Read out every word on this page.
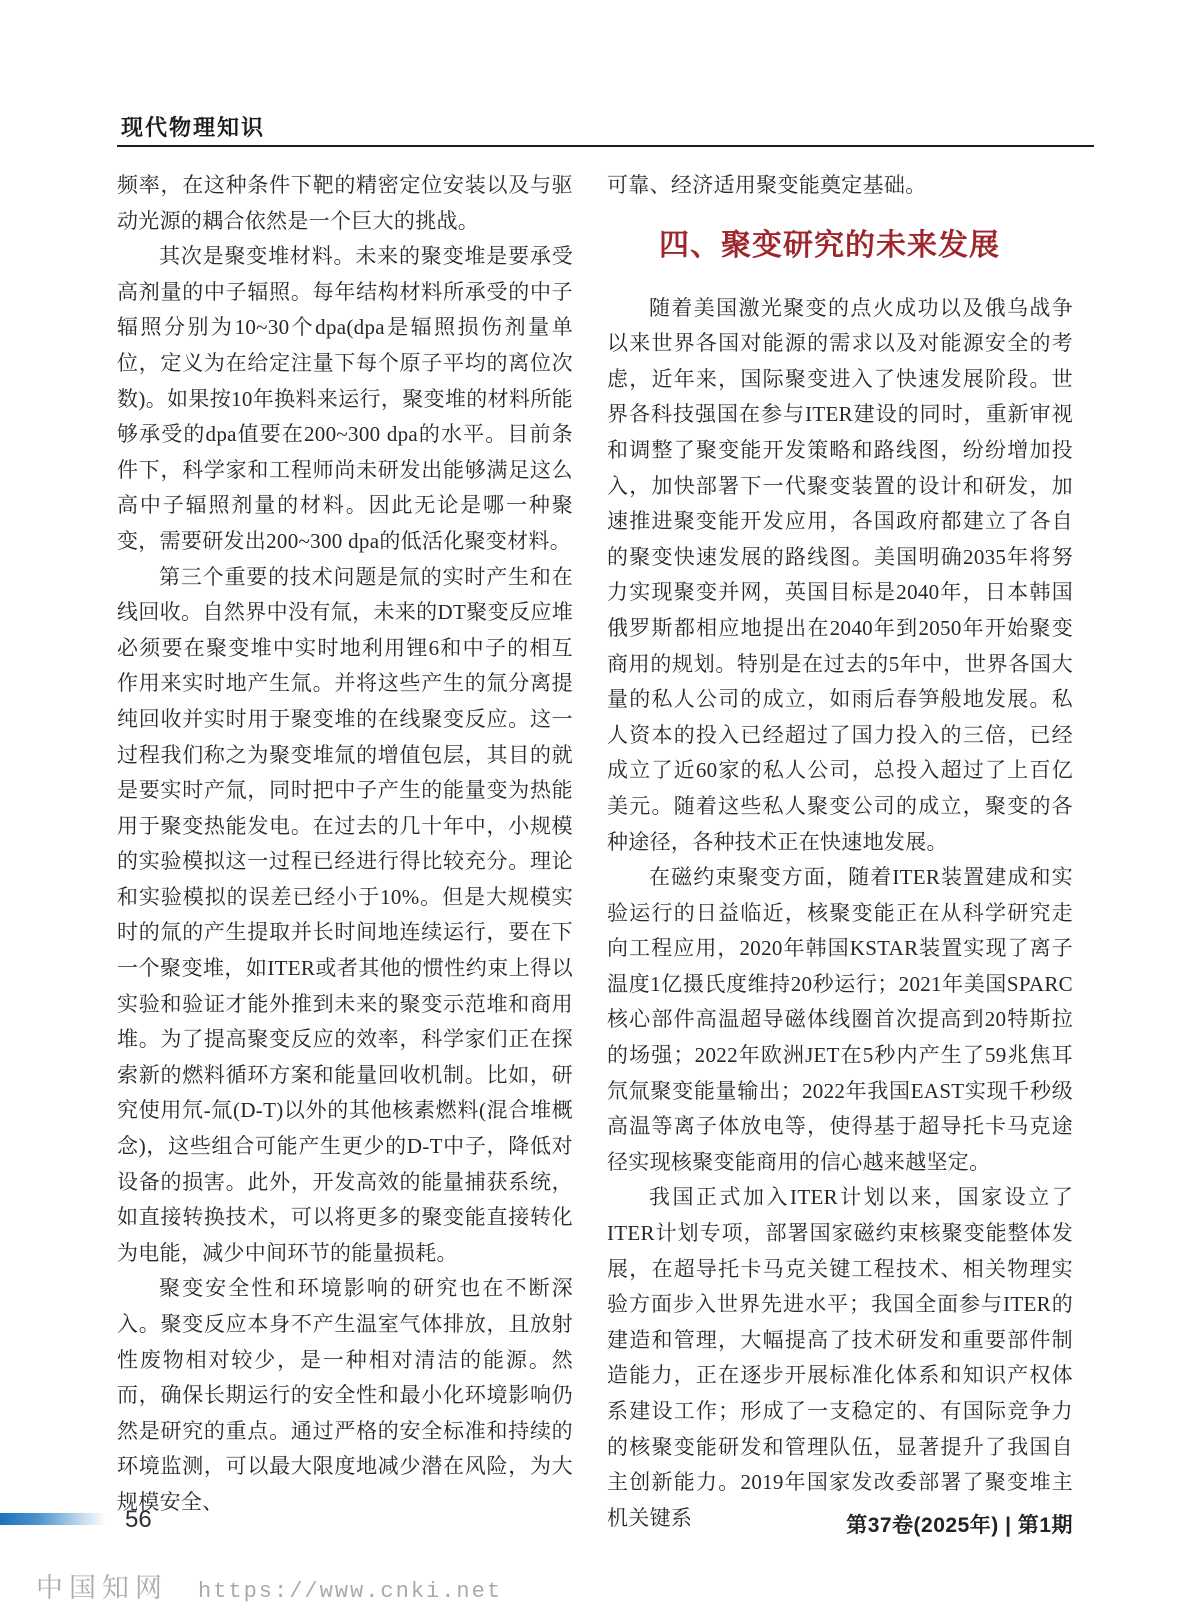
现代物理知识

频率，在这种条件下靶的精密定位安装以及与驱动光源的耦合依然是一个巨大的挑战。

其次是聚变堆材料。未来的聚变堆是要承受高剂量的中子辐照。每年结构材料所承受的中子辐照分别为10~30个dpa(dpa是辐照损伤剂量单位，定义为在给定注量下每个原子平均的离位次数)。如果按10年换料来运行，聚变堆的材料所能够承受的dpa值要在200~300 dpa的水平。目前条件下，科学家和工程师尚未研发出能够满足这么高中子辐照剂量的材料。因此无论是哪一种聚变，需要研发出200~300 dpa的低活化聚变材料。

第三个重要的技术问题是氚的实时产生和在线回收。自然界中没有氚，未来的DT聚变反应堆必须要在聚变堆中实时地利用锂6和中子的相互作用来实时地产生氚。并将这些产生的氚分离提纯回收并实时用于聚变堆的在线聚变反应。这一过程我们称之为聚变堆氚的增值包层，其目的就是要实时产氚，同时把中子产生的能量变为热能用于聚变热能发电。在过去的几十年中，小规模的实验模拟这一过程已经进行得比较充分。理论和实验模拟的误差已经小于10%。但是大规模实时的氚的产生提取并长时间地连续运行，要在下一个聚变堆，如ITER或者其他的惯性约束上得以实验和验证才能外推到未来的聚变示范堆和商用堆。为了提高聚变反应的效率，科学家们正在探索新的燃料循环方案和能量回收机制。比如，研究使用氘-氚(D-T)以外的其他核素燃料(混合堆概念)，这些组合可能产生更少的D-T中子，降低对设备的损害。此外，开发高效的能量捕获系统，如直接转换技术，可以将更多的聚变能直接转化为电能，减少中间环节的能量损耗。

聚变安全性和环境影响的研究也在不断深入。聚变反应本身不产生温室气体排放，且放射性废物相对较少，是一种相对清洁的能源。然而，确保长期运行的安全性和最小化环境影响仍然是研究的重点。通过严格的安全标准和持续的环境监测，可以最大限度地减少潜在风险，为大规模安全、

可靠、经济适用聚变能奠定基础。

四、聚变研究的未来发展

随着美国激光聚变的点火成功以及俄乌战争以来世界各国对能源的需求以及对能源安全的考虑，近年来，国际聚变进入了快速发展阶段。世界各科技强国在参与ITER建设的同时，重新审视和调整了聚变能开发策略和路线图，纷纷增加投入，加快部署下一代聚变装置的设计和研发，加速推进聚变能开发应用，各国政府都建立了各自的聚变快速发展的路线图。美国明确2035年将努力实现聚变并网，英国目标是2040年，日本韩国俄罗斯都相应地提出在2040年到2050年开始聚变商用的规划。特别是在过去的5年中，世界各国大量的私人公司的成立，如雨后春笋般地发展。私人资本的投入已经超过了国力投入的三倍，已经成立了近60家的私人公司，总投入超过了上百亿美元。随着这些私人聚变公司的成立，聚变的各种途径，各种技术正在快速地发展。

在磁约束聚变方面，随着ITER装置建成和实验运行的日益临近，核聚变能正在从科学研究走向工程应用，2020年韩国KSTAR装置实现了离子温度1亿摄氏度维持20秒运行；2021年美国SPARC核心部件高温超导磁体线圈首次提高到20特斯拉的场强；2022年欧洲JET在5秒内产生了59兆焦耳氘氚聚变能量输出；2022年我国EAST实现千秒级高温等离子体放电等，使得基于超导托卡马克途径实现核聚变能商用的信心越来越坚定。

我国正式加入ITER计划以来，国家设立了ITER计划专项，部署国家磁约束核聚变能整体发展，在超导托卡马克关键工程技术、相关物理实验方面步入世界先进水平；我国全面参与ITER的建造和管理，大幅提高了技术研发和重要部件制造能力，正在逐步开展标准化体系和知识产权体系建设工作；形成了一支稳定的、有国际竞争力的核聚变能研发和管理队伍，显著提升了我国自主创新能力。2019年国家发改委部署了聚变堆主机关键系

56	第37卷(2025年) | 第1期
中国知网 https://www.cnki.net
